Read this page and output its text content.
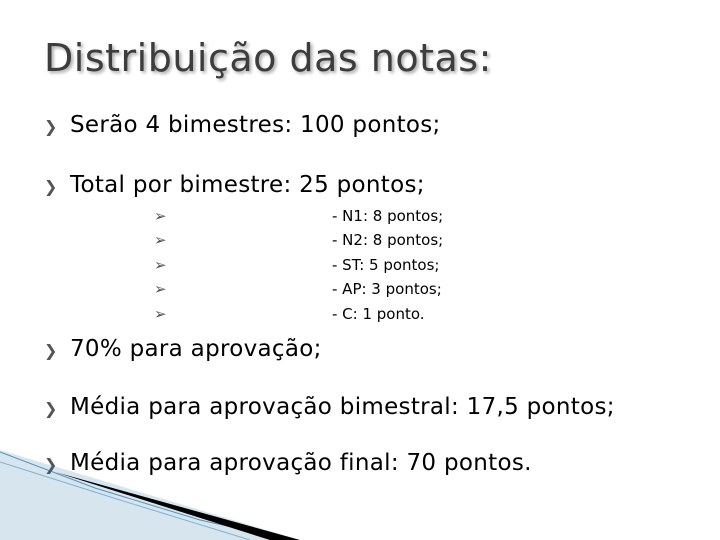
Distribuição das notas:
❯ Serão 4 bimestres: 100 pontos;
❯ Total por bimestre: 25 pontos;
➢	- N1: 8 pontos;
➢	- N2: 8 pontos;
➢	- ST: 5 pontos;
➢	- AP: 3 pontos;
➢	- C: 1 ponto.
❯ 70% para aprovação;
❯ Média para aprovação bimestral: 17,5 pontos;
❯ Média para aprovação final: 70 pontos.
